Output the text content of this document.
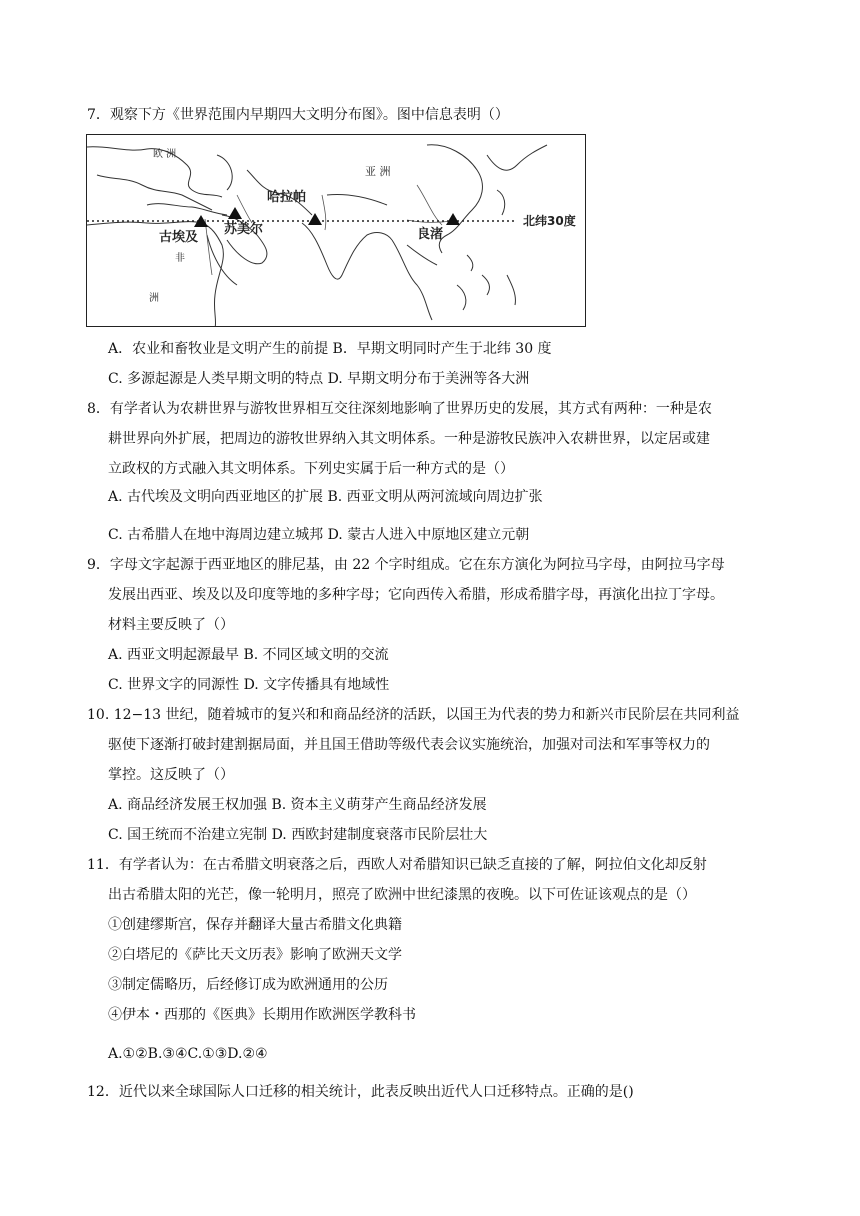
7．观察下方《世界范围内早期四大文明分布图》。图中信息表明（）
欧 洲
亚 洲
非
洲
古埃及
苏美尔
哈拉帕
良渚
北纬30度
A．农业和畜牧业是文明产生的前提 B．早期文明同时产生于北纬 30 度
C. 多源起源是人类早期文明的特点 D. 早期文明分布于美洲等各大洲
8．有学者认为农耕世界与游牧世界相互交往深刻地影响了世界历史的发展，其方式有两种：一种是农
耕世界向外扩展，把周边的游牧世界纳入其文明体系。一种是游牧民族冲入农耕世界，以定居或建
立政权的方式融入其文明体系。下列史实属于后一种方式的是（）
A. 古代埃及文明向西亚地区的扩展 B. 西亚文明从两河流域向周边扩张
C. 古希腊人在地中海周边建立城邦 D. 蒙古人进入中原地区建立元朝
9．字母文字起源于西亚地区的腓尼基，由 22 个字时组成。它在东方演化为阿拉马字母，由阿拉马字母
发展出西亚、埃及以及印度等地的多种字母；它向西传入希腊，形成希腊字母，再演化出拉丁字母。
材料主要反映了（）
A. 西亚文明起源最早 B. 不同区域文明的交流
C. 世界文字的同源性 D. 文字传播具有地域性
10. 12−13 世纪，随着城市的复兴和和商品经济的活跃，以国王为代表的势力和新兴市民阶层在共同利益
驱使下逐渐打破封建割据局面，并且国王借助等级代表会议实施统治，加强对司法和军事等权力的
掌控。这反映了（）
A. 商品经济发展王权加强 B. 资本主义萌芽产生商品经济发展
C. 国王统而不治建立宪制 D. 西欧封建制度衰落市民阶层壮大
11．有学者认为：在古希腊文明衰落之后，西欧人对希腊知识已缺乏直接的了解，阿拉伯文化却反射
出古希腊太阳的光芒，像一轮明月，照亮了欧洲中世纪漆黑的夜晚。以下可佐证该观点的是（）
①创建缪斯宫，保存并翻译大量古希腊文化典籍
②白塔尼的《萨比天文历表》影响了欧洲天文学
③制定儒略历，后经修订成为欧洲通用的公历
④伊本・西那的《医典》长期用作欧洲医学教科书
A.①②B.③④C.①③D.②④
12．近代以来全球国际人口迁移的相关统计，此表反映出近代人口迁移特点。正确的是()
